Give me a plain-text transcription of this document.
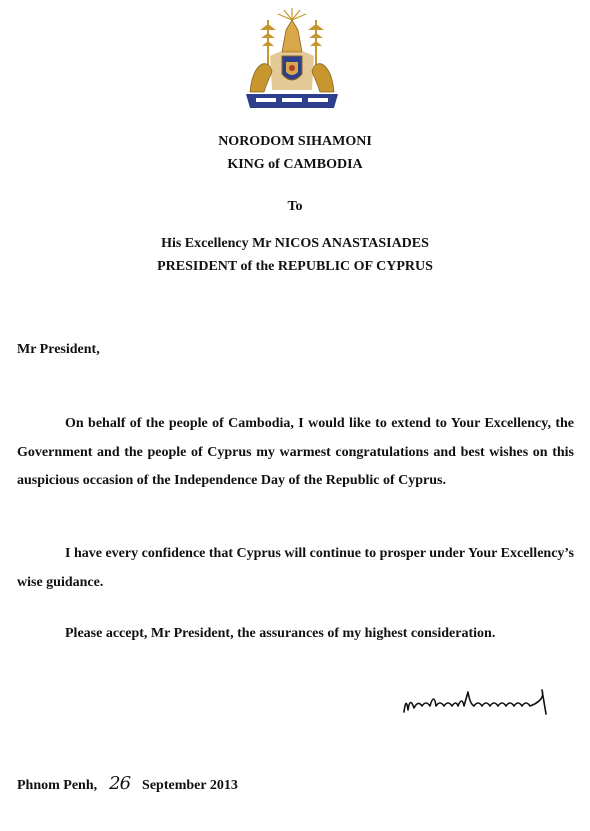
NORODOM SIHAMONI
KING of CAMBODIA
To
His Excellency Mr NICOS ANASTASIADES
PRESIDENT of the REPUBLIC OF CYPRUS
Mr President,
On behalf of the people of Cambodia, I would like to extend to Your Excellency, the Government and the people of Cyprus my warmest congratulations and best wishes on this auspicious occasion of the Independence Day of the Republic of Cyprus.
I have every confidence that Cyprus will continue to prosper under Your Excellency’s wise guidance.
Please accept, Mr President, the assurances of my highest consideration.
Phnom Penh, 26 September 2013
